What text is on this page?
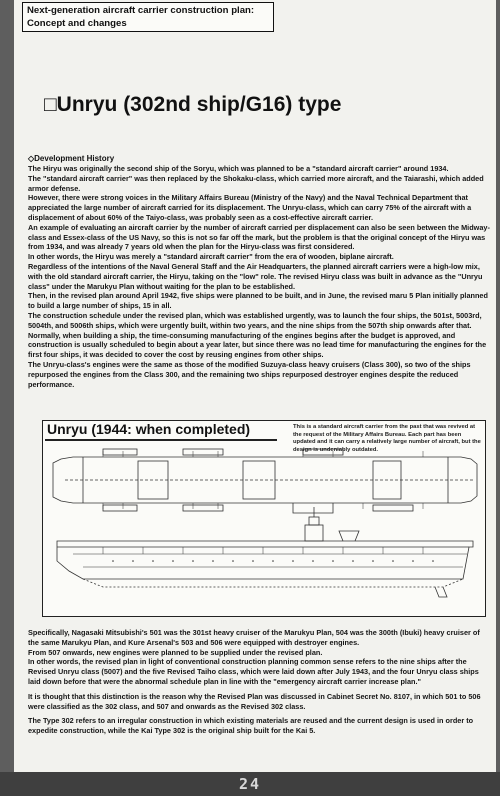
Next-generation aircraft carrier construction plan:
Concept and changes
□Unryu (302nd ship/G16) type
◇Development History

The Hiryu was originally the second ship of the Soryu, which was planned to be a "standard aircraft carrier" around 1934.

The "standard aircraft carrier" was then replaced by the Shokaku-class, which carried more aircraft, and the Taiarashi, which added armor defense.

However, there were strong voices in the Military Affairs Bureau (Ministry of the Navy) and the Naval Technical Department that appreciated the large number of aircraft carried for its displacement. The Unryu-class, which can carry 75% of the aircraft with a displacement of about 60% of the Taiyo-class, was probably seen as a cost-effective aircraft carrier.

An example of evaluating an aircraft carrier by the number of aircraft carried per displacement can also be seen between the Midway-class and Essex-class of the US Navy, so this is not so far off the mark, but the problem is that the original concept of the Hiryu was from 1934, and was already 7 years old when the plan for the Hiryu-class was first considered.

In other words, the Hiryu was merely a "standard aircraft carrier" from the era of wooden, biplane aircraft.

Regardless of the intentions of the Naval General Staff and the Air Headquarters, the planned aircraft carriers were a high-low mix, with the old standard aircraft carrier, the Hiryu, taking on the "low" role. The revised Hiryu class was built in advance as the "Unryu class" under the Marukyu Plan without waiting for the plan to be established.

Then, in the revised plan around April 1942, five ships were planned to be built, and in June, the revised maru 5 Plan initially planned to build a large number of ships, 15 in all.

The construction schedule under the revised plan, which was established urgently, was to launch the four ships, the 501st, 5003rd, 5004th, and 5006th ships, which were urgently built, within two years, and the nine ships from the 507th ship onwards after that. Normally, when building a ship, the time-consuming manufacturing of the engines begins after the budget is approved, and construction is usually scheduled to begin about a year later, but since there was no lead time for manufacturing the engines for the first four ships, it was decided to cover the cost by reusing engines from other ships.

The Unryu-class's engines were the same as those of the modified Suzuya-class heavy cruisers (Class 300), so two of the ships repurposed the engines from the Class 300, and the remaining two ships repurposed destroyer engines despite the reduced performance.

Unryu (1944: when completed)	This is a standard aircraft carrier from the past that was revived at the request of the Military Affairs Bureau. Each part has been updated and it can carry a relatively large number of aircraft, but the design is undeniably outdated.

Specifically, Nagasaki Mitsubishi's 501 was the 301st heavy cruiser of the Marukyu Plan, 504 was the 300th (Ibuki) heavy cruiser of the same Marukyu Plan, and Kure Arsenal's 503 and 506 were equipped with destroyer engines.

From 507 onwards, new engines were planned to be supplied under the revised plan.

In other words, the revised plan in light of conventional construction planning common sense refers to the nine ships after the Revised Unryu class (5007) and the five Revised Taiho class, which were laid down after July 1943, and the four Unryu class ships laid down before that were the abnormal schedule plan in line with the "emergency aircraft carrier increase plan."

It is thought that this distinction is the reason why the Revised Plan was discussed in Cabinet Secret No. 8107, in which 501 to 506 were classified as the 302 class, and 507 and onwards as the Revised 302 class.

The Type 302 refers to an irregular construction in which existing materials are reused and the current design is used in order to expedite construction, while the Kai Type 302 is the original ship built for the Kai 5.

24
